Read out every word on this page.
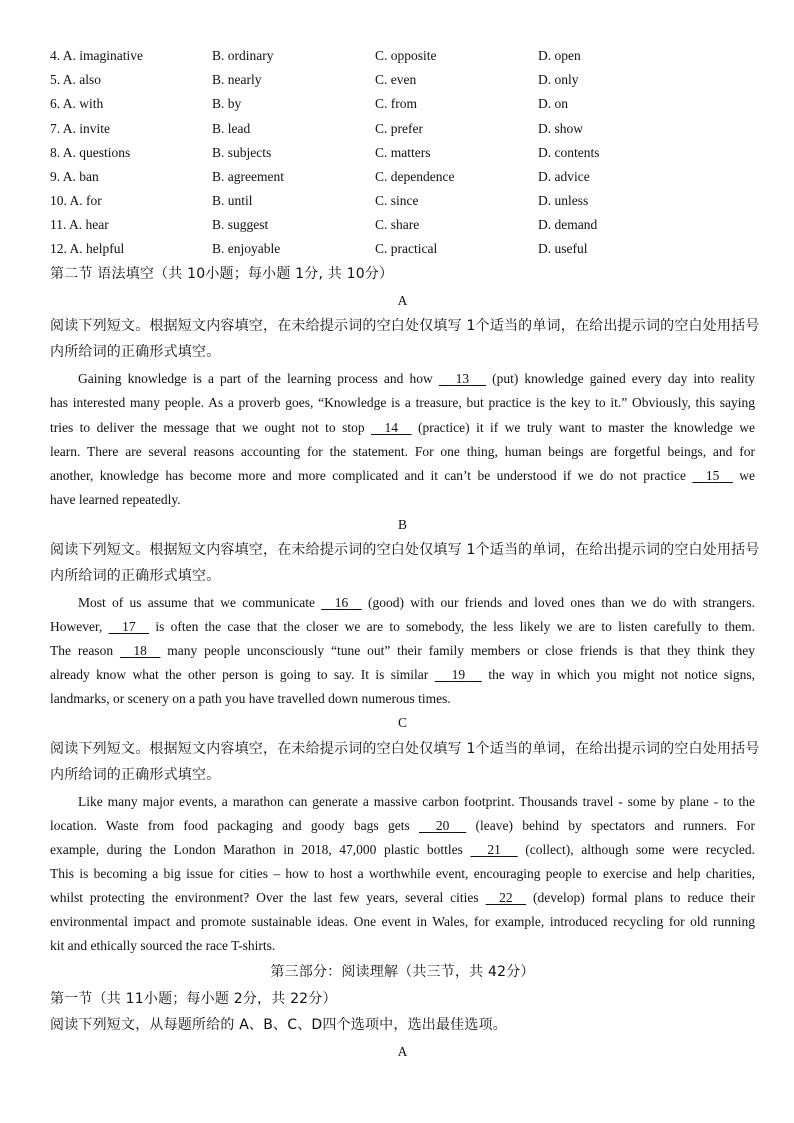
4. A. imaginative	B. ordinary	C. opposite	D. open
5. A. also	B. nearly	C. even	D. only
6. A. with	B. by	C. from	D. on
7. A. invite	B. lead	C. prefer	D. show
8. A. questions	B. subjects	C. matters	D. contents
9. A. ban	B. agreement	C. dependence	D. advice
10. A. for	B. until	C. since	D. unless
11. A. hear	B. suggest	C. share	D. demand
12. A. helpful	B. enjoyable	C. practical	D. useful
第二节 语法填空（共 10小题；每小题 1分, 共 10分）
A
阅读下列短文。根据短文内容填空，在未给提示词的空白处仅填写 1个适当的单词，在给出提示词的空白处用括号
内所给词的正确形式填空。
Gaining knowledge is a part of the learning process and how 13 (put) knowledge gained every day into reality
has interested many people. As a proverb goes, “Knowledge is a treasure, but practice is the key to it.” Obviously, this saying
tries to deliver the message that we ought not to stop 14 (practice) it if we truly want to master the knowledge we
learn. There are several reasons accounting for the statement. For one thing, human beings are forgetful beings, and for
another, knowledge has become more and more complicated and it can’t be understood if we do not practice 15 we
have learned repeatedly.
B
阅读下列短文。根据短文内容填空，在未给提示词的空白处仅填写 1个适当的单词，在给出提示词的空白处用括号
内所给词的正确形式填空。
Most of us assume that we communicate 16 (good) with our friends and loved ones than we do with strangers.
However, 17 is often the case that the closer we are to somebody, the less likely we are to listen carefully to them.
The reason 18 many people unconsciously “tune out” their family members or close friends is that they think they
already know what the other person is going to say. It is similar 19 the way in which you might not notice signs,
landmarks, or scenery on a path you have travelled down numerous times.
C
阅读下列短文。根据短文内容填空，在未给提示词的空白处仅填写 1个适当的单词，在给出提示词的空白处用括号
内所给词的正确形式填空。
Like many major events, a marathon can generate a massive carbon footprint. Thousands travel - some by plane - to the
location. Waste from food packaging and goody bags gets 20 (leave) behind by spectators and runners. For
example, during the London Marathon in 2018, 47,000 plastic bottles 21 (collect), although some were recycled.
This is becoming a big issue for cities – how to host a worthwhile event, encouraging people to exercise and help charities,
whilst protecting the environment? Over the last few years, several cities 22 (develop) formal plans to reduce their
environmental impact and promote sustainable ideas. One event in Wales, for example, introduced recycling for old running
kit and ethically sourced the race T-shirts.
第三部分：阅读理解（共三节，共 42分）
第一节（共 11小题；每小题 2分，共 22分）
阅读下列短文，从每题所给的 A、B、C、D四个选项中，选出最佳选项。
A
